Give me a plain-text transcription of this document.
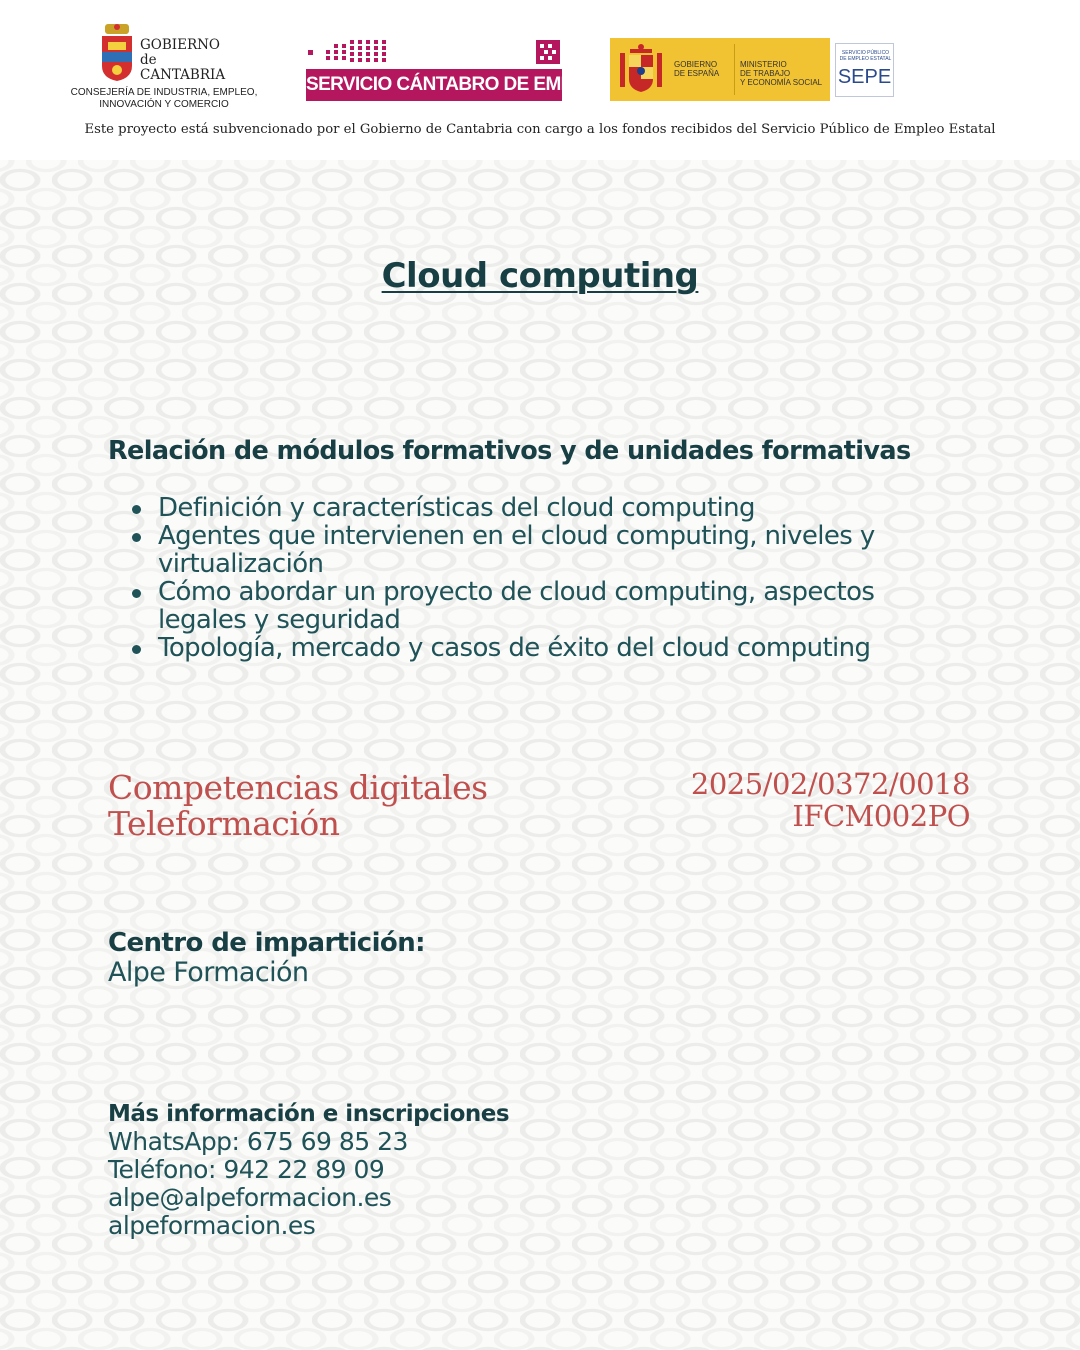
GOBIERNO
de
CANTABRIA
CONSEJERÍA DE INDUSTRIA, EMPLEO,
INNOVACIÓN Y COMERCIO
SERVICIO CÁNTABRO DE EMPLEO
GOBIERNO
DE ESPAÑA
MINISTERIO
DE TRABAJO
Y ECONOMÍA SOCIAL
SERVICIO PÚBLICO
DE EMPLEO ESTATAL
SEPE
Este proyecto está subvencionado por el Gobierno de Cantabria con cargo a los fondos recibidos del Servicio Público de Empleo Estatal
Cloud computing
Relación de módulos formativos y de unidades formativas
Definición y características del cloud computing
Agentes que intervienen en el cloud computing, niveles y virtualización
Cómo abordar un proyecto de cloud computing, aspectos legales y seguridad
Topología, mercado y casos de éxito del cloud computing
Competencias digitales
Teleformación
2025/02/0372/0018
IFCM002PO
Centro de impartición:
Alpe Formación
Más información e inscripciones
WhatsApp: 675 69 85 23
Teléfono: 942 22 89 09
alpe@alpeformacion.es
alpeformacion.es
